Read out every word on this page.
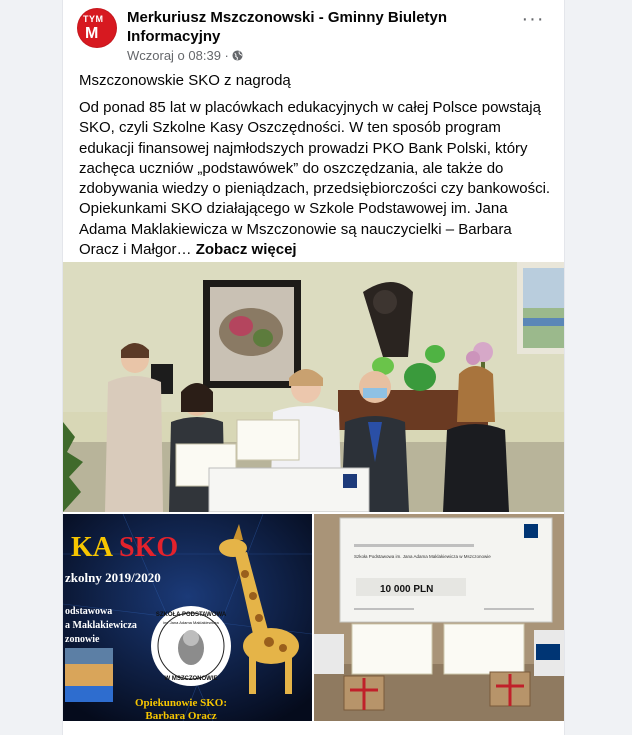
TYM
M
Merkuriusz Mszczonowski - Gminny Biuletyn Informacyjny
Wczoraj o 08:39 ·
···
Mszczonowskie SKO z nagrodą
Od ponad 85 lat w placówkach edukacyjnych w całej Polsce powstają SKO, czyli Szkolne Kasy Oszczędności. W ten sposób program edukacji finansowej najmłodszych prowadzi PKO Bank Polski, który zachęca uczniów „podstawówek” do oszczędzania, ale także do zdobywania wiedzy o pieniądzach, przedsiębiorczości czy bankowości. Opiekunkami SKO działającego w Szkole Podstawowej im. Jana Adama Maklakiewicza w Mszczonowie są nauczycielki – Barbara Oracz i Małgor… Zobacz więcej
KA SKO
zkolny 2019/2020
odstawowa
a Maklakiewicza
zonowie
SZKOŁA PODSTAWOWA
im. Jana Adama Maklakiewicza
W MSZCZONOWIE
Opiekunowie SKO:
Barbara Oracz
Szkoła Podstawowa im. Jana Adama Maklakiewicza w Mszczonowie
10 000 PLN
